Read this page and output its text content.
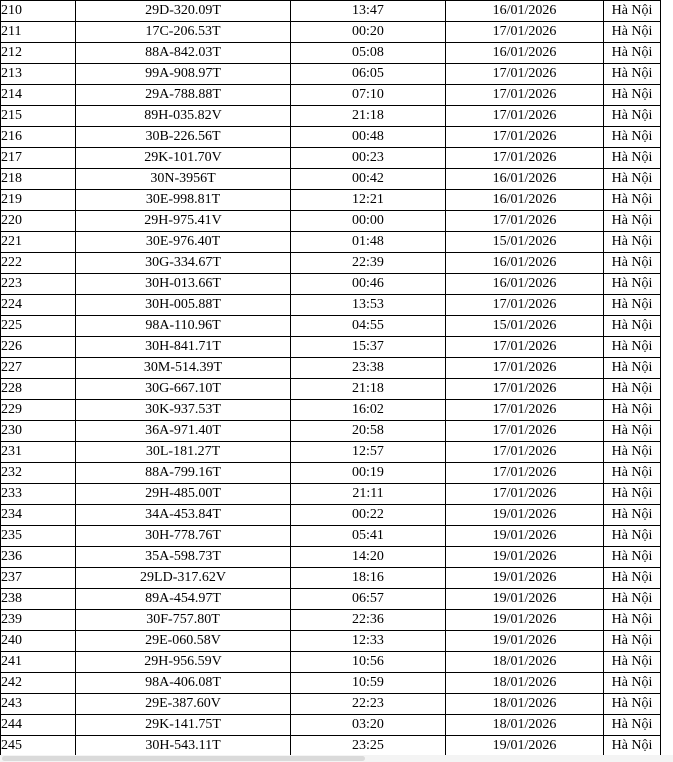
210	29D-320.09T	13:47	16/01/2026	Hà Nội
211	17C-206.53T	00:20	17/01/2026	Hà Nội
212	88A-842.03T	05:08	16/01/2026	Hà Nội
213	99A-908.97T	06:05	17/01/2026	Hà Nội
214	29A-788.88T	07:10	17/01/2026	Hà Nội
215	89H-035.82V	21:18	17/01/2026	Hà Nội
216	30B-226.56T	00:48	17/01/2026	Hà Nội
217	29K-101.70V	00:23	17/01/2026	Hà Nội
218	30N-3956T	00:42	16/01/2026	Hà Nội
219	30E-998.81T	12:21	16/01/2026	Hà Nội
220	29H-975.41V	00:00	17/01/2026	Hà Nội
221	30E-976.40T	01:48	15/01/2026	Hà Nội
222	30G-334.67T	22:39	16/01/2026	Hà Nội
223	30H-013.66T	00:46	16/01/2026	Hà Nội
224	30H-005.88T	13:53	17/01/2026	Hà Nội
225	98A-110.96T	04:55	15/01/2026	Hà Nội
226	30H-841.71T	15:37	17/01/2026	Hà Nội
227	30M-514.39T	23:38	17/01/2026	Hà Nội
228	30G-667.10T	21:18	17/01/2026	Hà Nội
229	30K-937.53T	16:02	17/01/2026	Hà Nội
230	36A-971.40T	20:58	17/01/2026	Hà Nội
231	30L-181.27T	12:57	17/01/2026	Hà Nội
232	88A-799.16T	00:19	17/01/2026	Hà Nội
233	29H-485.00T	21:11	17/01/2026	Hà Nội
234	34A-453.84T	00:22	19/01/2026	Hà Nội
235	30H-778.76T	05:41	19/01/2026	Hà Nội
236	35A-598.73T	14:20	19/01/2026	Hà Nội
237	29LD-317.62V	18:16	19/01/2026	Hà Nội
238	89A-454.97T	06:57	19/01/2026	Hà Nội
239	30F-757.80T	22:36	19/01/2026	Hà Nội
240	29E-060.58V	12:33	19/01/2026	Hà Nội
241	29H-956.59V	10:56	18/01/2026	Hà Nội
242	98A-406.08T	10:59	18/01/2026	Hà Nội
243	29E-387.60V	22:23	18/01/2026	Hà Nội
244	29K-141.75T	03:20	18/01/2026	Hà Nội
245	30H-543.11T	23:25	19/01/2026	Hà Nội
